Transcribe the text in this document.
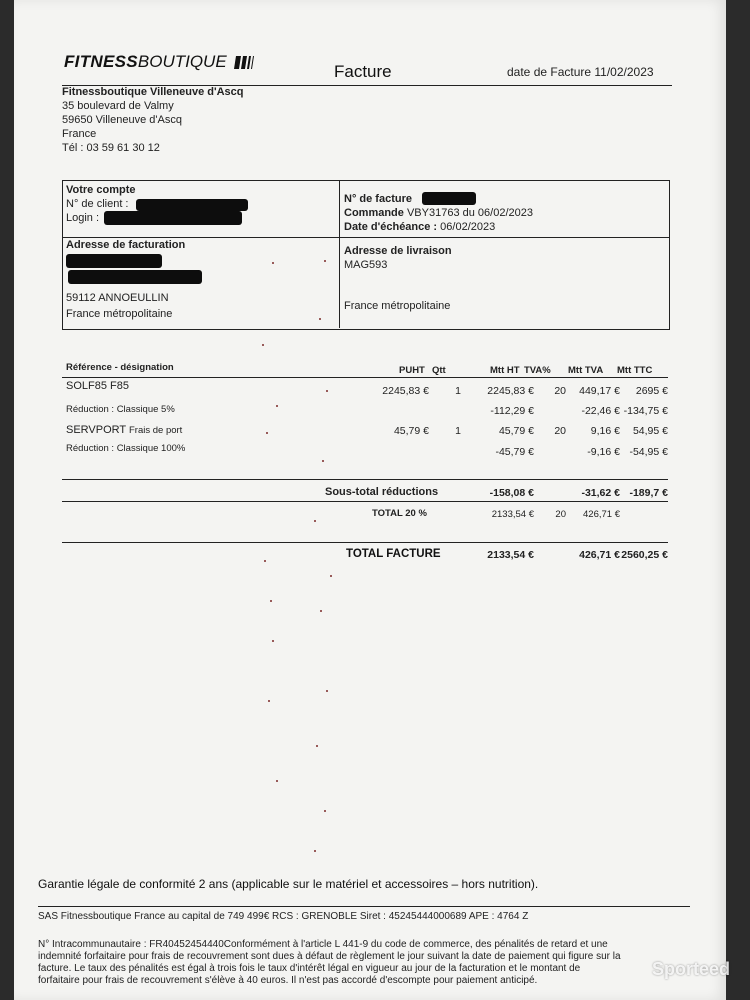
FITNESSBOUTIQUE
Facture	date de Facture 11/02/2023
Fitnessboutique Villeneuve d'Ascq
35 boulevard de Valmy
59650 Villeneuve d'Ascq
France
Tél : 03 59 61 30 12
Votre compte
N° de client :
Login :
N° de facture
Commande VBY31763 du 06/02/2023
Date d'échéance : 06/02/2023
Adresse de facturation
59112 ANNOEULLIN
France métropolitaine
Adresse de livraison
MAG593
France métropolitaine
Référence - désignation	PUHT Qtt	Mtt HT TVA% Mtt TVA Mtt TTC
SOLF85 F85	2245,83 € 1	2245,83 € 20 449,17 € 2695 €
Réduction : Classique 5%	-112,29 €	-22,46 € -134,75 €
SERVPORT Frais de port	45,79 € 1	45,79 € 20 9,16 € 54,95 €
Réduction : Classique 100%	-45,79 €	-9,16 € -54,95 €
Sous-total réductions	-158,08 €	-31,62 € -189,7 €
TOTAL 20 %	2133,54 € 20 426,71 €
TOTAL FACTURE	2133,54 €	426,71 € 2560,25 €
Garantie légale de conformité 2 ans (applicable sur le matériel et accessoires – hors nutrition).
SAS Fitnessboutique France au capital de 749 499€ RCS : GRENOBLE Siret : 45245444000689 APE : 4764 Z
N° Intracommunautaire : FR40452454440Conformément à l'article L 441-9 du code de commerce, des pénalités de retard et une
indemnité forfaitaire pour frais de recouvrement sont dues à défaut de règlement le jour suivant la date de paiement qui figure sur la
facture. Le taux des pénalités est égal à trois fois le taux d'intérêt légal en vigueur au jour de la facturation et le montant de
forfaitaire pour frais de recouvrement s'élève à 40 euros. Il n'est pas accordé d'escompte pour paiement anticipé.
Sporteed
